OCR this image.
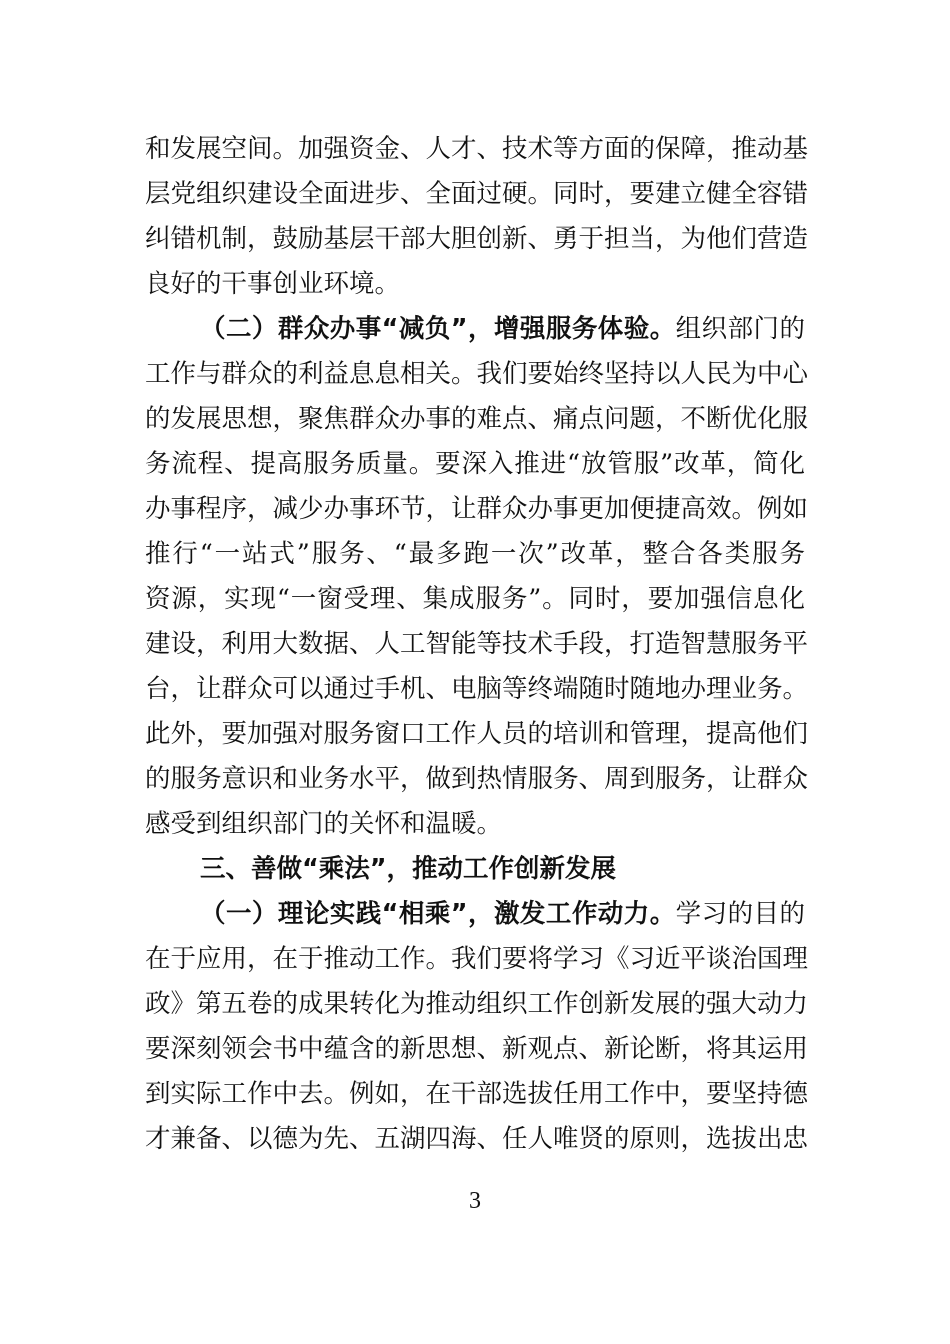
和发展空间。加强资金、人才、技术等方面的保障，推动基
层党组织建设全面进步、全面过硬。同时，要建立健全容错
纠错机制，鼓励基层干部大胆创新、勇于担当，为他们营造
良好的干事创业环境。
（二）群众办事“减负”，增强服务体验。组织部门的
工作与群众的利益息息相关。我们要始终坚持以人民为中心
的发展思想，聚焦群众办事的难点、痛点问题，不断优化服
务流程、提高服务质量。要深入推进“放管服”改革，简化
办事程序，减少办事环节，让群众办事更加便捷高效。例如
推行“一站式”服务、“最多跑一次”改革，整合各类服务
资源，实现“一窗受理、集成服务”。同时，要加强信息化
建设，利用大数据、人工智能等技术手段，打造智慧服务平
台，让群众可以通过手机、电脑等终端随时随地办理业务。
此外，要加强对服务窗口工作人员的培训和管理，提高他们
的服务意识和业务水平，做到热情服务、周到服务，让群众
感受到组织部门的关怀和温暖。
三、善做“乘法”，推动工作创新发展
（一）理论实践“相乘”，激发工作动力。学习的目的
在于应用，在于推动工作。我们要将学习《习近平谈治国理
政》第五卷的成果转化为推动组织工作创新发展的强大动力
要深刻领会书中蕴含的新思想、新观点、新论断，将其运用
到实际工作中去。例如，在干部选拔任用工作中，要坚持德
才兼备、以德为先、五湖四海、任人唯贤的原则，选拔出忠
3
